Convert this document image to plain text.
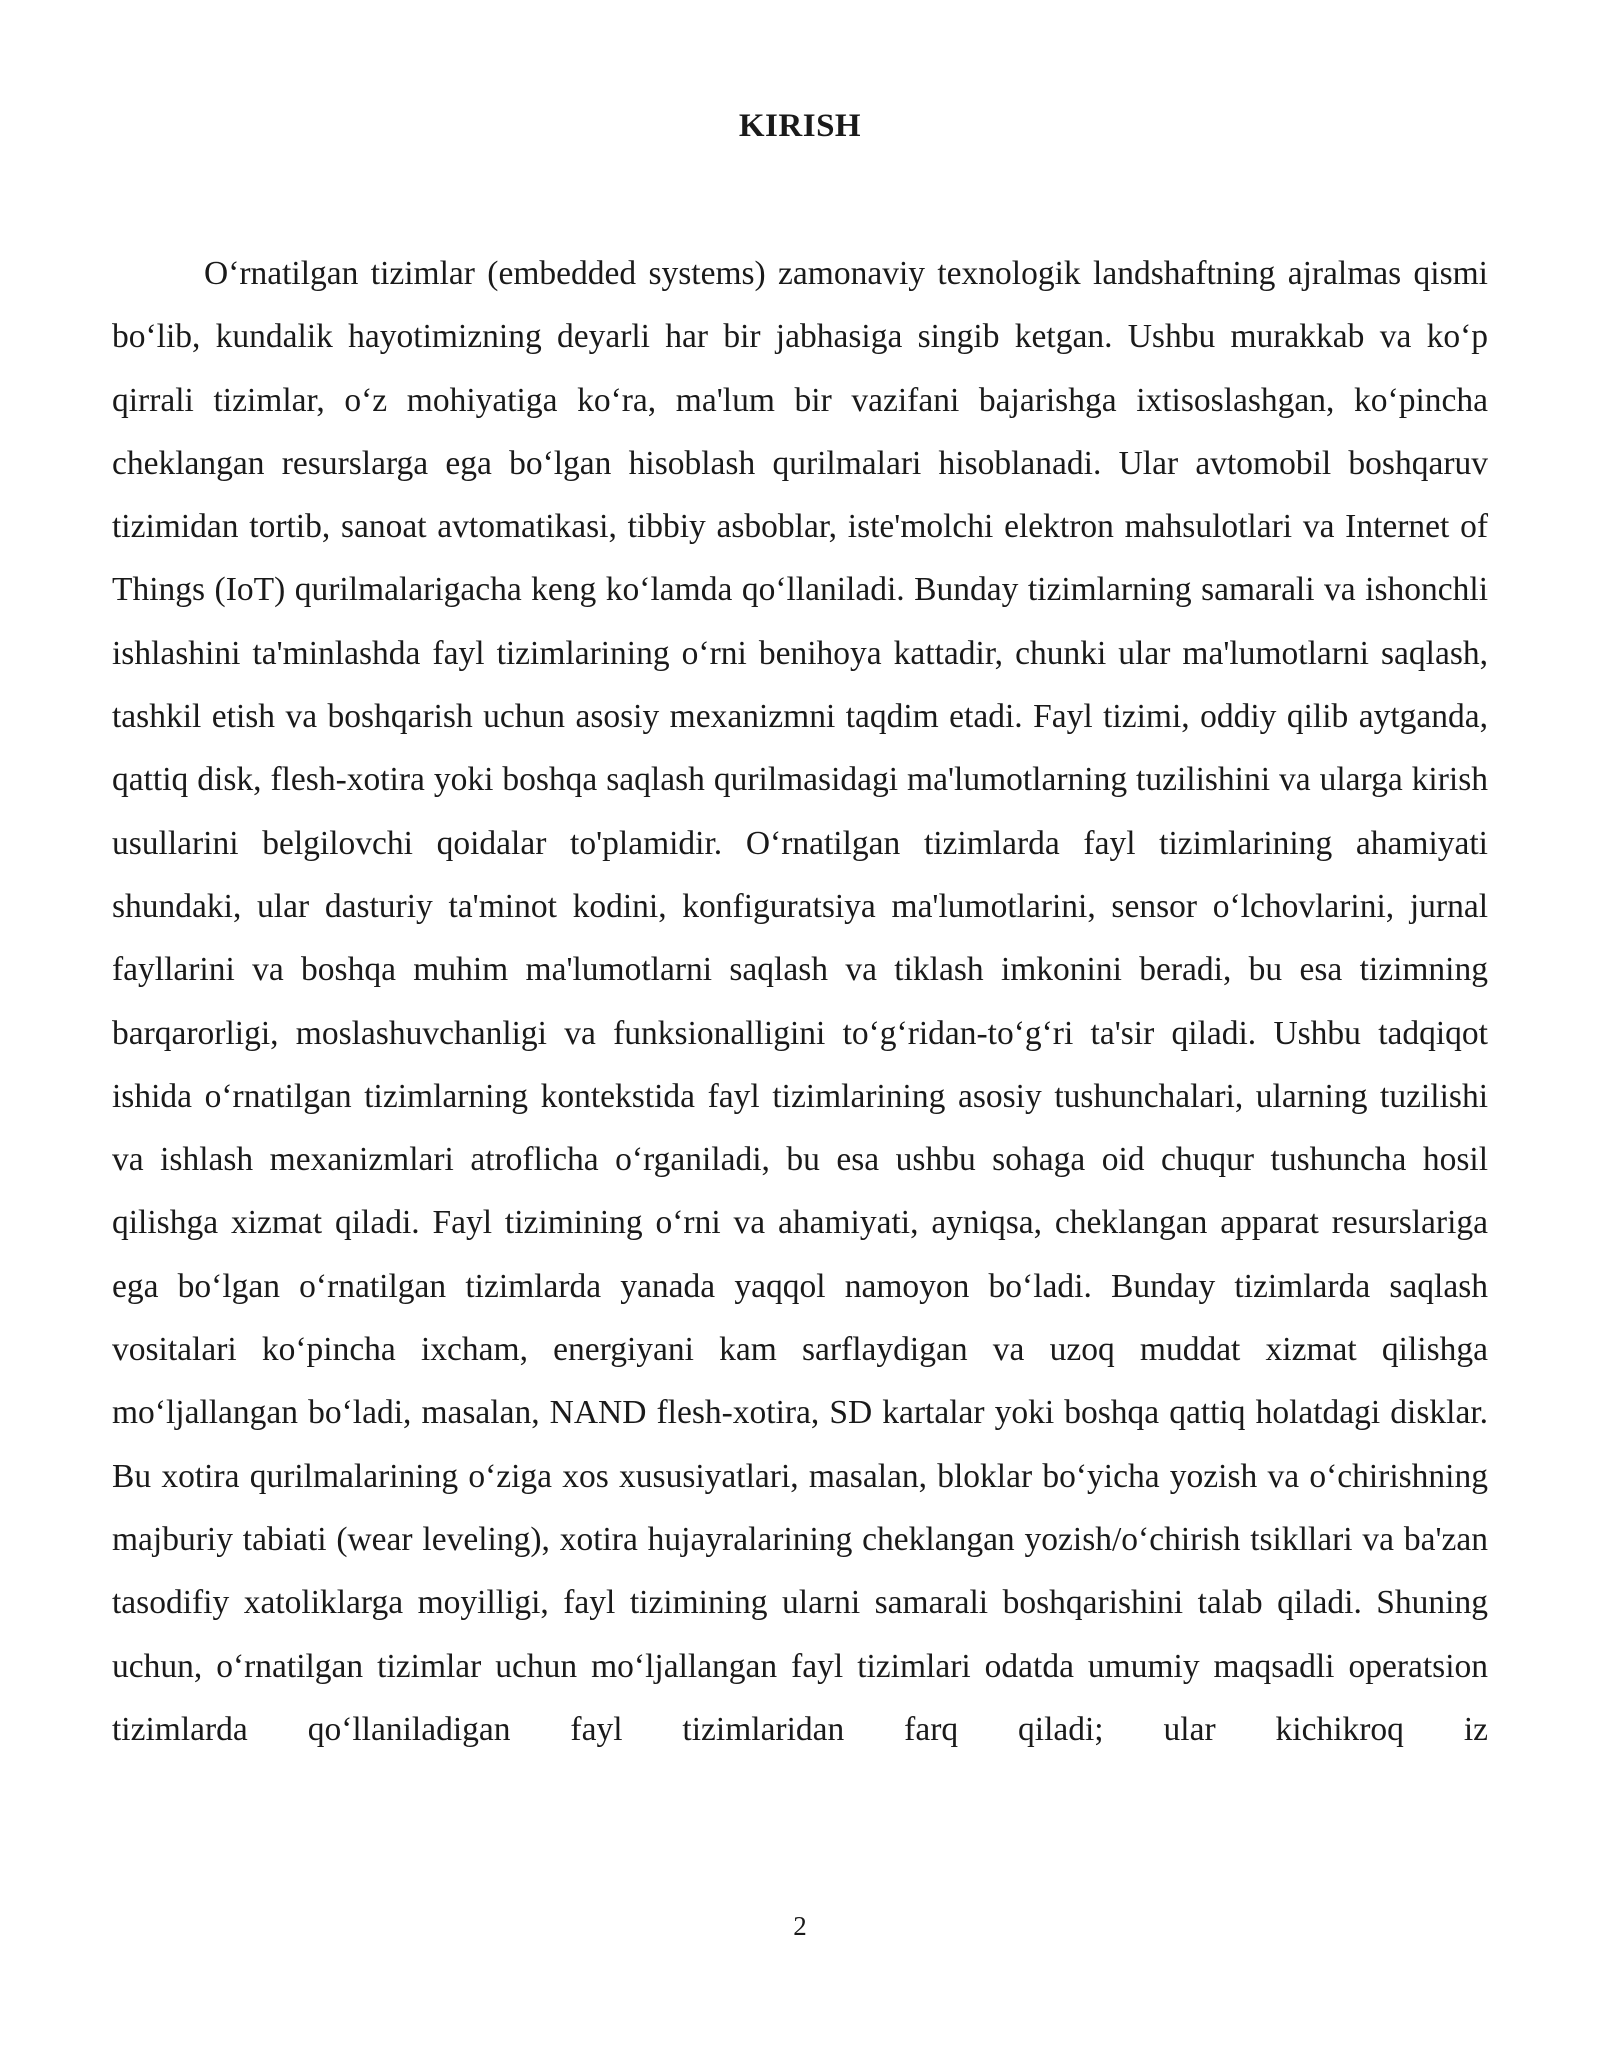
KIRISH

O‘rnatilgan tizimlar (embedded systems) zamonaviy texnologik landshaftning ajralmas qismi bo‘lib, kundalik hayotimizning deyarli har bir jabhasiga singib ketgan. Ushbu murakkab va ko‘p qirrali tizimlar, o‘z mohiyatiga ko‘ra, ma'lum bir vazifani bajarishga ixtisoslashgan, ko‘pincha cheklangan resurslarga ega bo‘lgan hisoblash qurilmalari hisoblanadi. Ular avtomobil boshqaruv tizimidan tortib, sanoat avtomatikasi, tibbiy asboblar, iste'molchi elektron mahsulotlari va Internet of Things (IoT) qurilmalarigacha keng ko‘lamda qo‘llaniladi. Bunday tizimlarning samarali va ishonchli ishlashini ta'minlashda fayl tizimlarining o‘rni benihoya kattadir, chunki ular ma'lumotlarni saqlash, tashkil etish va boshqarish uchun asosiy mexanizmni taqdim etadi. Fayl tizimi, oddiy qilib aytganda, qattiq disk, flesh-xotira yoki boshqa saqlash qurilmasidagi ma'lumotlarning tuzilishini va ularga kirish usullarini belgilovchi qoidalar to'plamidir. O‘rnatilgan tizimlarda fayl tizimlarining ahamiyati shundaki, ular dasturiy ta'minot kodini, konfiguratsiya ma'lumotlarini, sensor o‘lchovlarini, jurnal fayllarini va boshqa muhim ma'lumotlarni saqlash va tiklash imkonini beradi, bu esa tizimning barqarorligi, moslashuvchanligi va funksionalligini to‘g‘ridan-to‘g‘ri ta'sir qiladi. Ushbu tadqiqot ishida o‘rnatilgan tizimlarning kontekstida fayl tizimlarining asosiy tushunchalari, ularning tuzilishi va ishlash mexanizmlari atroflicha o‘rganiladi, bu esa ushbu sohaga oid chuqur tushuncha hosil qilishga xizmat qiladi. Fayl tizimining o‘rni va ahamiyati, ayniqsa, cheklangan apparat resurslariga ega bo‘lgan o‘rnatilgan tizimlarda yanada yaqqol namoyon bo‘ladi. Bunday tizimlarda saqlash vositalari ko‘pincha ixcham, energiyani kam sarflaydigan va uzoq muddat xizmat qilishga mo‘ljallangan bo‘ladi, masalan, NAND flesh-xotira, SD kartalar yoki boshqa qattiq holatdagi disklar. Bu xotira qurilmalarining o‘ziga xos xususiyatlari, masalan, bloklar bo‘yicha yozish va o‘chirishning majburiy tabiati (wear leveling), xotira hujayralarining cheklangan yozish/o‘chirish tsikllari va ba'zan tasodifiy xatoliklarga moyilligi, fayl tizimining ularni samarali boshqarishini talab qiladi. Shuning uchun, o‘rnatilgan tizimlar uchun mo‘ljallangan fayl tizimlari odatda umumiy maqsadli operatsion tizimlarda qo‘llaniladigan fayl tizimlaridan farq qiladi; ular kichikroq iz

2
